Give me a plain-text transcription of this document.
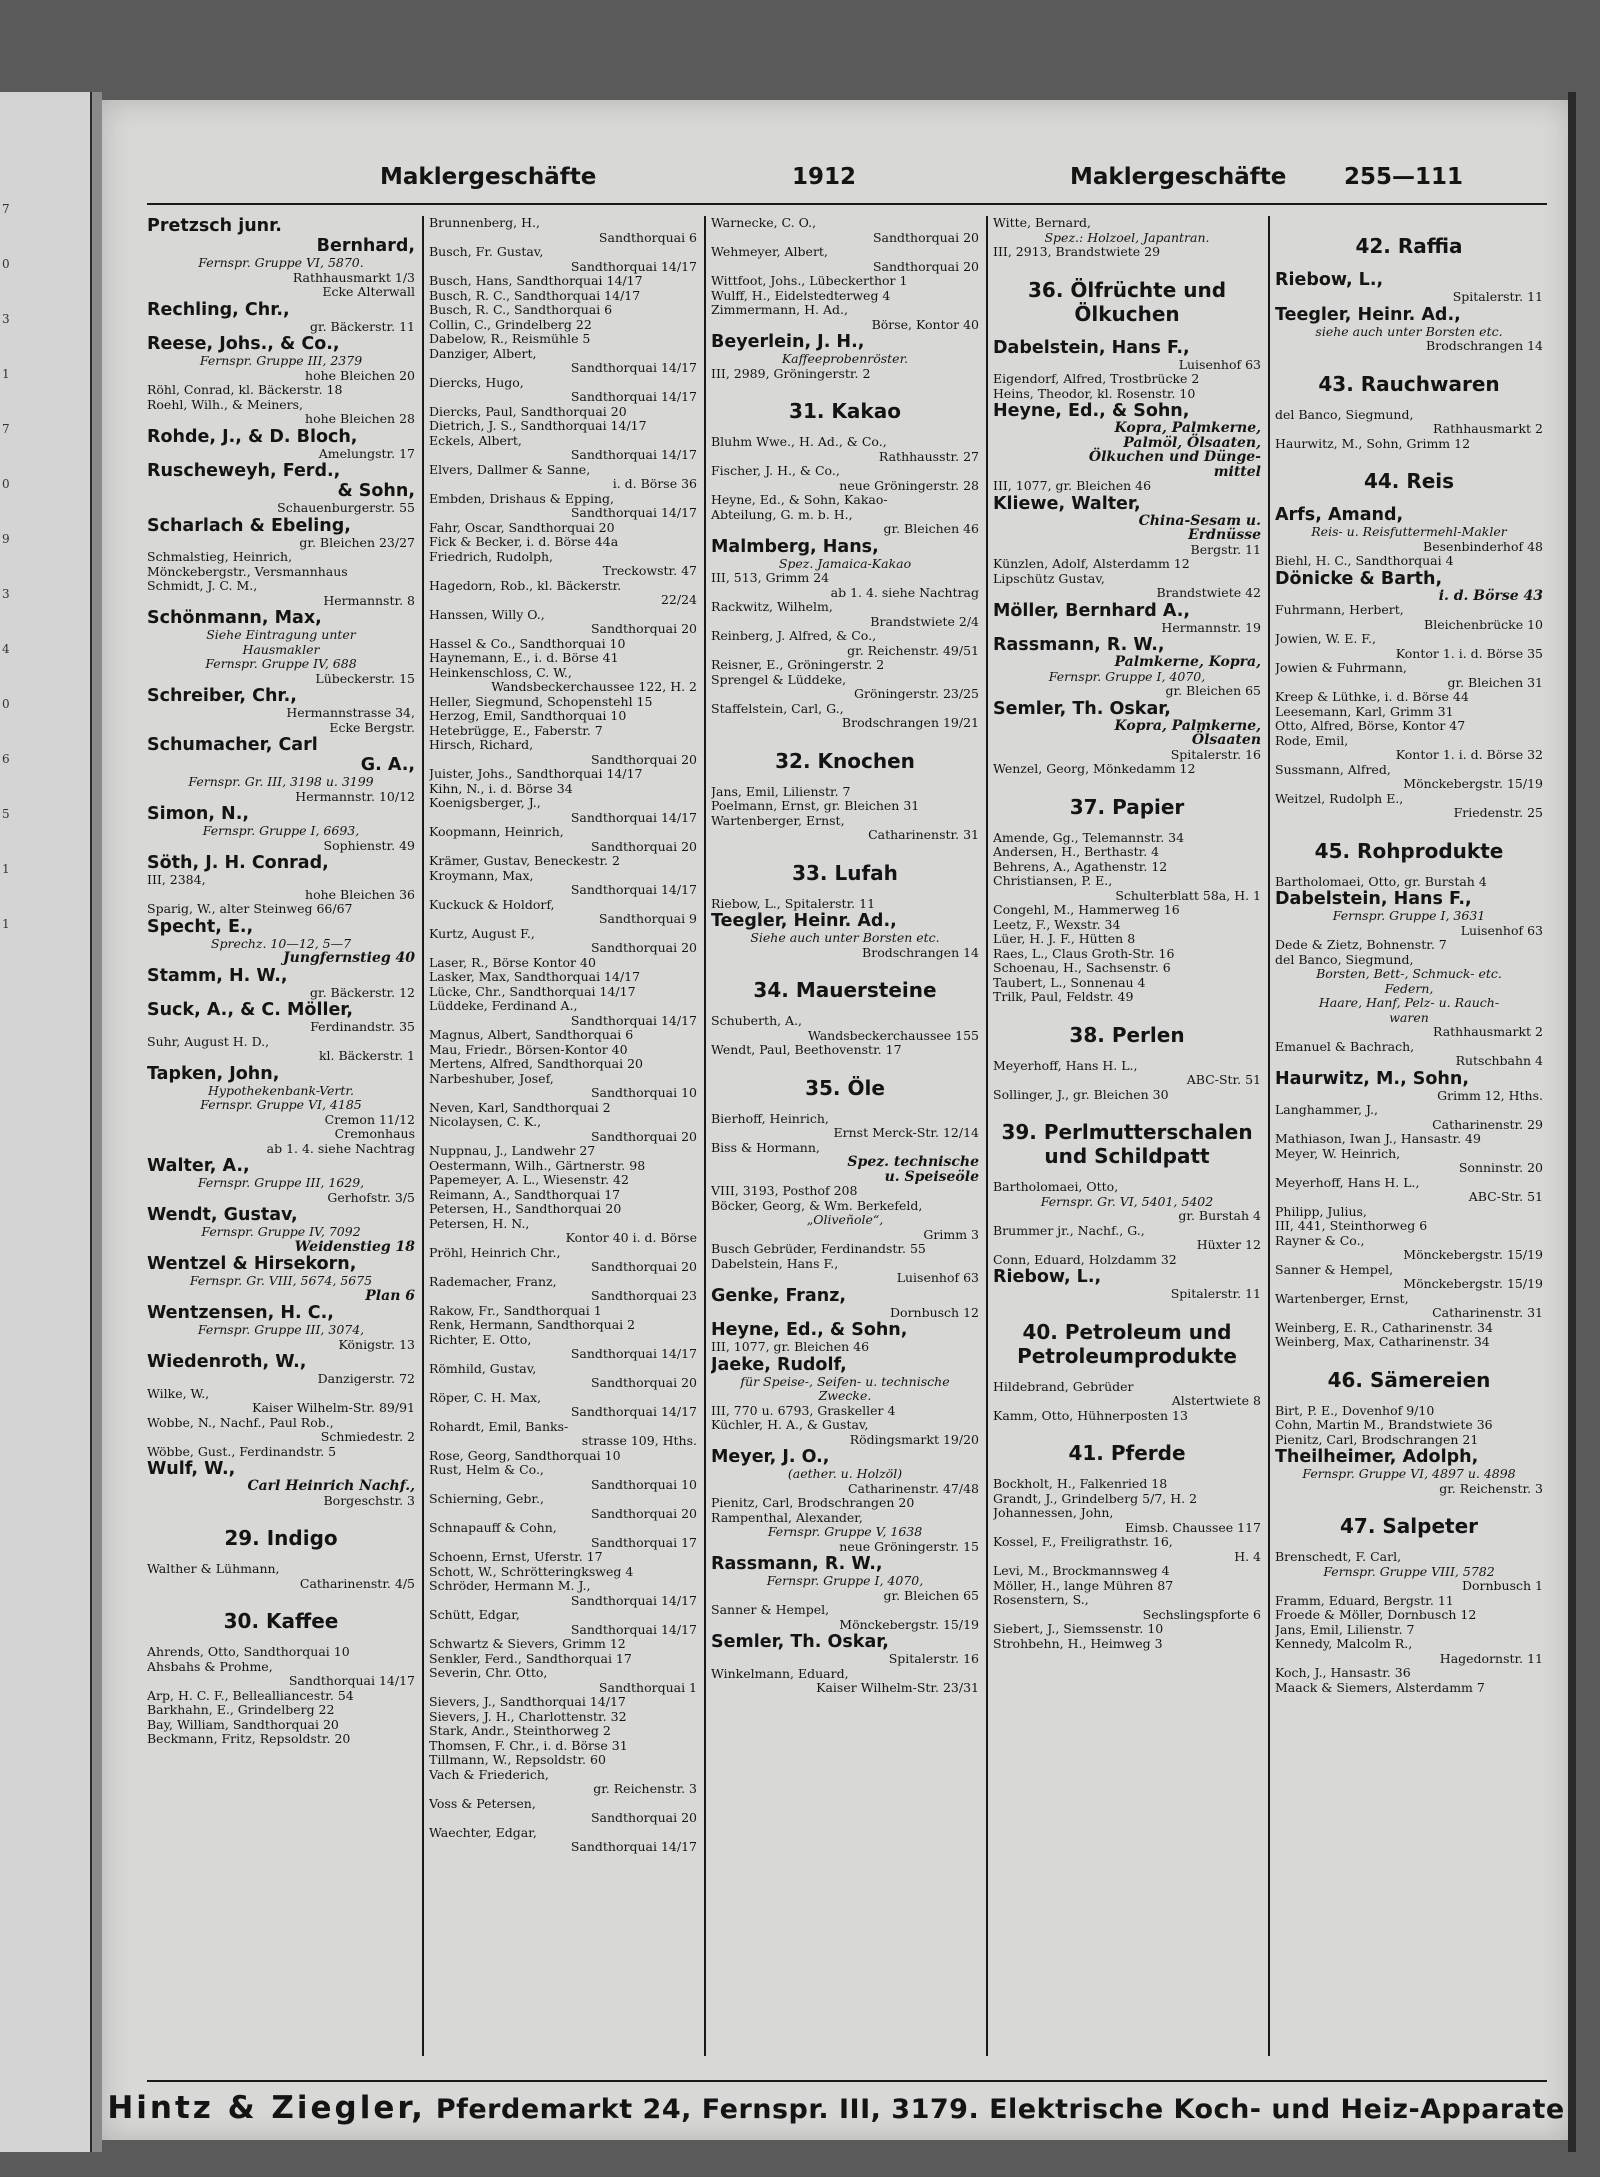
7
0
3
1
7
0
9
3
4
0
6
5
1
1
Maklergeschäfte	1912	Maklergeschäfte	255—111
Pretzsch junr.
Bernhard,
Fernspr. Gruppe VI, 5870.
Rathhausmarkt 1/3
Ecke Alterwall
Rechling, Chr.,
gr. Bäckerstr. 11
Reese, Johs., & Co.,
Fernspr. Gruppe III, 2379
hohe Bleichen 20
Röhl, Conrad, kl. Bäckerstr. 18
Roehl, Wilh., & Meiners,
hohe Bleichen 28
Rohde, J., & D. Bloch,
Amelungstr. 17
Ruscheweyh, Ferd.,
& Sohn,
Schauenburgerstr. 55
Scharlach & Ebeling,
gr. Bleichen 23/27
Schmalstieg, Heinrich,
Mönckebergstr., Versmannhaus
Schmidt, J. C. M.,
Hermannstr. 8
Schönmann, Max,
Siehe Eintragung unter
Hausmakler
Fernspr. Gruppe IV, 688
Lübeckerstr. 15
Schreiber, Chr.,
Hermannstrasse 34,
Ecke Bergstr.
Schumacher, Carl
G. A.,
Fernspr. Gr. III, 3198 u. 3199
Hermannstr. 10/12
Simon, N.,
Fernspr. Gruppe I, 6693,
Sophienstr. 49
Söth, J. H. Conrad,
III, 2384,
hohe Bleichen 36
Sparig, W., alter Steinweg 66/67
Specht, E.,
Sprechz. 10—12, 5—7
Jungfernstieg 40
Stamm, H. W.,
gr. Bäckerstr. 12
Suck, A., & C. Möller,
Ferdinandstr. 35
Suhr, August H. D.,
kl. Bäckerstr. 1
Tapken, John,
Hypothekenbank-Vertr.
Fernspr. Gruppe VI, 4185
Cremon 11/12
Cremonhaus
ab 1. 4. siehe Nachtrag
Walter, A.,
Fernspr. Gruppe III, 1629,
Gerhofstr. 3/5
Wendt, Gustav,
Fernspr. Gruppe IV, 7092
Weidenstieg 18
Wentzel & Hirsekorn,
Fernspr. Gr. VIII, 5674, 5675
Plan 6
Wentzensen, H. C.,
Fernspr. Gruppe III, 3074,
Königstr. 13
Wiedenroth, W.,
Danzigerstr. 72
Wilke, W.,
Kaiser Wilhelm-Str. 89/91
Wobbe, N., Nachf., Paul Rob.,
Schmiedestr. 2
Wöbbe, Gust., Ferdinandstr. 5
Wulf, W.,
Carl Heinrich Nachf.,
Borgeschstr. 3
29. Indigo
Walther & Lühmann,
Catharinenstr. 4/5
30. Kaffee
Ahrends, Otto, Sandthorquai 10
Ahsbahs & Prohme,
Sandthorquai 14/17
Arp, H. C. F., Bellealliancestr. 54
Barkhahn, E., Grindelberg 22
Bay, William, Sandthorquai 20
Beckmann, Fritz, Repsoldstr. 20
Brunnenberg, H.,
Sandthorquai 6
Busch, Fr. Gustav,
Sandthorquai 14/17
Busch, Hans, Sandthorquai 14/17
Busch, R. C., Sandthorquai 14/17
Busch, R. C., Sandthorquai 6
Collin, C., Grindelberg 22
Dabelow, R., Reismühle 5
Danziger, Albert,
Sandthorquai 14/17
Diercks, Hugo,
Sandthorquai 14/17
Diercks, Paul, Sandthorquai 20
Dietrich, J. S., Sandthorquai 14/17
Eckels, Albert,
Sandthorquai 14/17
Elvers, Dallmer & Sanne,
i. d. Börse 36
Embden, Drishaus & Epping,
Sandthorquai 14/17
Fahr, Oscar, Sandthorquai 20
Fick & Becker, i. d. Börse 44a
Friedrich, Rudolph,
Treckowstr. 47
Hagedorn, Rob., kl. Bäckerstr.
22/24
Hanssen, Willy O.,
Sandthorquai 20
Hassel & Co., Sandthorquai 10
Haynemann, E., i. d. Börse 41
Heinkenschloss, C. W.,
Wandsbeckerchaussee 122, H. 2
Heller, Siegmund, Schopenstehl 15
Herzog, Emil, Sandthorquai 10
Hetebrügge, E., Faberstr. 7
Hirsch, Richard,
Sandthorquai 20
Juister, Johs., Sandthorquai 14/17
Kihn, N., i. d. Börse 34
Koenigsberger, J.,
Sandthorquai 14/17
Koopmann, Heinrich,
Sandthorquai 20
Krämer, Gustav, Beneckestr. 2
Kroymann, Max,
Sandthorquai 14/17
Kuckuck & Holdorf,
Sandthorquai 9
Kurtz, August F.,
Sandthorquai 20
Laser, R., Börse Kontor 40
Lasker, Max, Sandthorquai 14/17
Lücke, Chr., Sandthorquai 14/17
Lüddeke, Ferdinand A.,
Sandthorquai 14/17
Magnus, Albert, Sandthorquai 6
Mau, Friedr., Börsen-Kontor 40
Mertens, Alfred, Sandthorquai 20
Narbeshuber, Josef,
Sandthorquai 10
Neven, Karl, Sandthorquai 2
Nicolaysen, C. K.,
Sandthorquai 20
Nuppnau, J., Landwehr 27
Oestermann, Wilh., Gärtnerstr. 98
Papemeyer, A. L., Wiesenstr. 42
Reimann, A., Sandthorquai 17
Petersen, H., Sandthorquai 20
Petersen, H. N.,
Kontor 40 i. d. Börse
Pröhl, Heinrich Chr.,
Sandthorquai 20
Rademacher, Franz,
Sandthorquai 23
Rakow, Fr., Sandthorquai 1
Renk, Hermann, Sandthorquai 2
Richter, E. Otto,
Sandthorquai 14/17
Römhild, Gustav,
Sandthorquai 20
Röper, C. H. Max,
Sandthorquai 14/17
Rohardt, Emil, Banks-
strasse 109, Hths.
Rose, Georg, Sandthorquai 10
Rust, Helm & Co.,
Sandthorquai 10
Schierning, Gebr.,
Sandthorquai 20
Schnapauff & Cohn,
Sandthorquai 17
Schoenn, Ernst, Uferstr. 17
Schott, W., Schrötteringksweg 4
Schröder, Hermann M. J.,
Sandthorquai 14/17
Schütt, Edgar,
Sandthorquai 14/17
Schwartz & Sievers, Grimm 12
Senkler, Ferd., Sandthorquai 17
Severin, Chr. Otto,
Sandthorquai 1
Sievers, J., Sandthorquai 14/17
Sievers, J. H., Charlottenstr. 32
Stark, Andr., Steinthorweg 2
Thomsen, F. Chr., i. d. Börse 31
Tillmann, W., Repsoldstr. 60
Vach & Friederich,
gr. Reichenstr. 3
Voss & Petersen,
Sandthorquai 20
Waechter, Edgar,
Sandthorquai 14/17
Warnecke, C. O.,
Sandthorquai 20
Wehmeyer, Albert,
Sandthorquai 20
Wittfoot, Johs., Lübeckerthor 1
Wulff, H., Eidelstedterweg 4
Zimmermann, H. Ad.,
Börse, Kontor 40
Beyerlein, J. H.,
Kaffeeprobenröster.
III, 2989, Gröningerstr. 2
31. Kakao
Bluhm Wwe., H. Ad., & Co.,
Rathhausstr. 27
Fischer, J. H., & Co.,
neue Gröningerstr. 28
Heyne, Ed., & Sohn, Kakao-
Abteilung, G. m. b. H.,
gr. Bleichen 46
Malmberg, Hans,
Spez. Jamaica-Kakao
III, 513, Grimm 24
ab 1. 4. siehe Nachtrag
Rackwitz, Wilhelm,
Brandstwiete 2/4
Reinberg, J. Alfred, & Co.,
gr. Reichenstr. 49/51
Reisner, E., Gröningerstr. 2
Sprengel & Lüddeke,
Gröningerstr. 23/25
Staffelstein, Carl, G.,
Brodschrangen 19/21
32. Knochen
Jans, Emil, Lilienstr. 7
Poelmann, Ernst, gr. Bleichen 31
Wartenberger, Ernst,
Catharinenstr. 31
33. Lufah
Riebow, L., Spitalerstr. 11
Teegler, Heinr. Ad.,
Siehe auch unter Borsten etc.
Brodschrangen 14
34. Mauersteine
Schuberth, A.,
Wandsbeckerchaussee 155
Wendt, Paul, Beethovenstr. 17
35. Öle
Bierhoff, Heinrich,
Ernst Merck-Str. 12/14
Biss & Hormann,
Spez. technische
u. Speiseöle
VIII, 3193, Posthof 208
Böcker, Georg, & Wm. Berkefeld,
„Oliveñole“,
Grimm 3
Busch Gebrüder, Ferdinandstr. 55
Dabelstein, Hans F.,
Luisenhof 63
Genke, Franz,
Dornbusch 12
Heyne, Ed., & Sohn,
III, 1077, gr. Bleichen 46
Jaeke, Rudolf,
für Speise-, Seifen- u. technische
Zwecke.
III, 770 u. 6793, Graskeller 4
Küchler, H. A., & Gustav,
Rödingsmarkt 19/20
Meyer, J. O.,
(aether. u. Holzöl)
Catharinenstr. 47/48
Pienitz, Carl, Brodschrangen 20
Rampenthal, Alexander,
Fernspr. Gruppe V, 1638
neue Gröningerstr. 15
Rassmann, R. W.,
Fernspr. Gruppe I, 4070,
gr. Bleichen 65
Sanner & Hempel,
Mönckebergstr. 15/19
Semler, Th. Oskar,
Spitalerstr. 16
Winkelmann, Eduard,
Kaiser Wilhelm-Str. 23/31
Witte, Bernard,
Spez.: Holzoel, Japantran.
III, 2913, Brandstwiete 29
36. Ölfrüchte und Ölkuchen
Dabelstein, Hans F.,
Luisenhof 63
Eigendorf, Alfred, Trostbrücke 2
Heins, Theodor, kl. Rosenstr. 10
Heyne, Ed., & Sohn,
Kopra, Palmkerne,
Palmöl, Ölsaaten,
Ölkuchen und Dünge-
mittel
III, 1077, gr. Bleichen 46
Kliewe, Walter,
China-Sesam u.
Erdnüsse
Bergstr. 11
Künzlen, Adolf, Alsterdamm 12
Lipschütz Gustav,
Brandstwiete 42
Möller, Bernhard A.,
Hermannstr. 19
Rassmann, R. W.,
Palmkerne, Kopra,
Fernspr. Gruppe I, 4070,
gr. Bleichen 65
Semler, Th. Oskar,
Kopra, Palmkerne,
Ölsaaten
Spitalerstr. 16
Wenzel, Georg, Mönkedamm 12
37. Papier
Amende, Gg., Telemannstr. 34
Andersen, H., Berthastr. 4
Behrens, A., Agathenstr. 12
Christiansen, P. E.,
Schulterblatt 58a, H. 1
Congehl, M., Hammerweg 16
Leetz, F., Wexstr. 34
Lüer, H. J. F., Hütten 8
Raes, L., Claus Groth-Str. 16
Schoenau, H., Sachsenstr. 6
Taubert, L., Sonnenau 4
Trilk, Paul, Feldstr. 49
38. Perlen
Meyerhoff, Hans H. L.,
ABC-Str. 51
Sollinger, J., gr. Bleichen 30
39. Perlmutterschalen und Schildpatt
Bartholomaei, Otto,
Fernspr. Gr. VI, 5401, 5402
gr. Burstah 4
Brummer jr., Nachf., G.,
Hüxter 12
Conn, Eduard, Holzdamm 32
Riebow, L.,
Spitalerstr. 11
40. Petroleum und Petroleumprodukte
Hildebrand, Gebrüder
Alstertwiete 8
Kamm, Otto, Hühnerposten 13
41. Pferde
Bockholt, H., Falkenried 18
Grandt, J., Grindelberg 5/7, H. 2
Johannessen, John,
Eimsb. Chaussee 117
Kossel, F., Freiligrathstr. 16,
H. 4
Levi, M., Brockmannsweg 4
Möller, H., lange Mühren 87
Rosenstern, S.,
Sechslingspforte 6
Siebert, J., Siemssenstr. 10
Strohbehn, H., Heimweg 3
42. Raffia
Riebow, L.,
Spitalerstr. 11
Teegler, Heinr. Ad.,
siehe auch unter Borsten etc.
Brodschrangen 14
43. Rauchwaren
del Banco, Siegmund,
Rathhausmarkt 2
Haurwitz, M., Sohn, Grimm 12
44. Reis
Arfs, Amand,
Reis- u. Reisfuttermehl-Makler
Besenbinderhof 48
Biehl, H. C., Sandthorquai 4
Dönicke & Barth,
i. d. Börse 43
Fuhrmann, Herbert,
Bleichenbrücke 10
Jowien, W. E. F.,
Kontor 1. i. d. Börse 35
Jowien & Fuhrmann,
gr. Bleichen 31
Kreep & Lüthke, i. d. Börse 44
Leesemann, Karl, Grimm 31
Otto, Alfred, Börse, Kontor 47
Rode, Emil,
Kontor 1. i. d. Börse 32
Sussmann, Alfred,
Mönckebergstr. 15/19
Weitzel, Rudolph E.,
Friedenstr. 25
45. Rohprodukte
Bartholomaei, Otto, gr. Burstah 4
Dabelstein, Hans F.,
Fernspr. Gruppe I, 3631
Luisenhof 63
Dede & Zietz, Bohnenstr. 7
del Banco, Siegmund,
Borsten, Bett-, Schmuck- etc.
Federn,
Haare, Hanf, Pelz- u. Rauch-
waren
Rathhausmarkt 2
Emanuel & Bachrach,
Rutschbahn 4
Haurwitz, M., Sohn,
Grimm 12, Hths.
Langhammer, J.,
Catharinenstr. 29
Mathiason, Iwan J., Hansastr. 49
Meyer, W. Heinrich,
Sonninstr. 20
Meyerhoff, Hans H. L.,
ABC-Str. 51
Philipp, Julius,
III, 441, Steinthorweg 6
Rayner & Co.,
Mönckebergstr. 15/19
Sanner & Hempel,
Mönckebergstr. 15/19
Wartenberger, Ernst,
Catharinenstr. 31
Weinberg, E. R., Catharinenstr. 34
Weinberg, Max, Catharinenstr. 34
46. Sämereien
Birt, P. E., Dovenhof 9/10
Cohn, Martin M., Brandstwiete 36
Pienitz, Carl, Brodschrangen 21
Theilheimer, Adolph,
Fernspr. Gruppe VI, 4897 u. 4898
gr. Reichenstr. 3
47. Salpeter
Brenschedt, F. Carl,
Fernspr. Gruppe VIII, 5782
Dornbusch 1
Framm, Eduard, Bergstr. 11
Froede & Möller, Dornbusch 12
Jans, Emil, Lilienstr. 7
Kennedy, Malcolm R.,
Hagedornstr. 11
Koch, J., Hansastr. 36
Maack & Siemers, Alsterdamm 7
Hintz & Ziegler, Pferdemarkt 24, Fernspr. III, 3179. Elektrische Koch- und Heiz-Apparate
